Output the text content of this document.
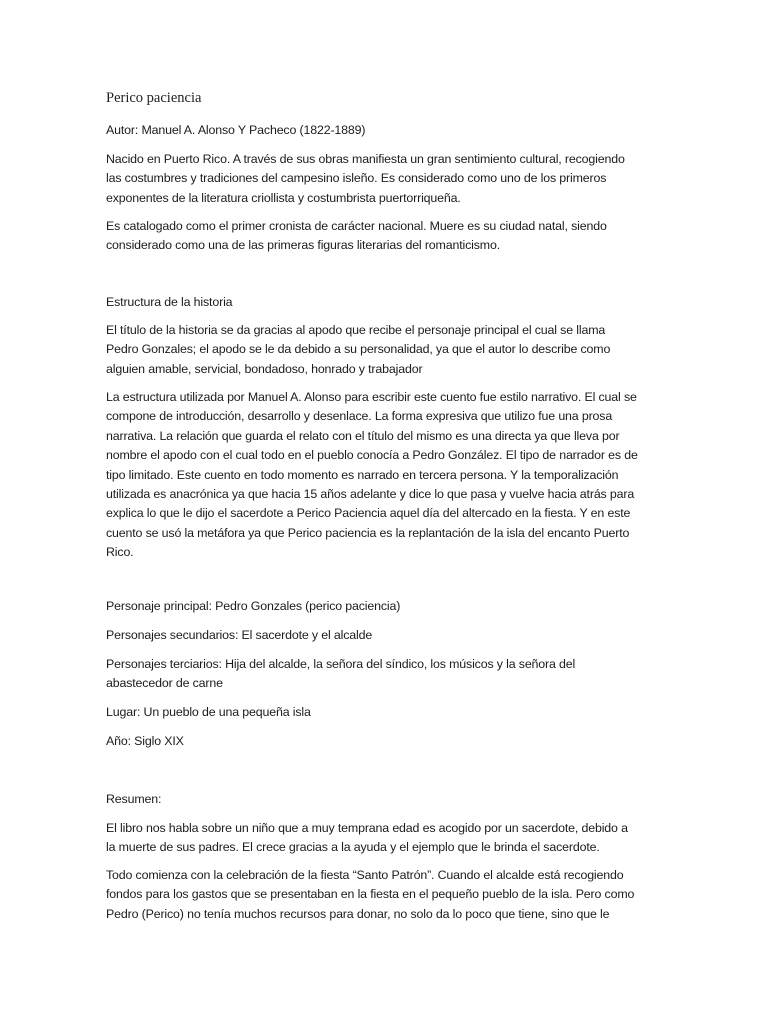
Perico paciencia
Autor: Manuel A. Alonso Y Pacheco (1822-1889)
Nacido en Puerto Rico. A través de sus obras manifiesta un gran sentimiento cultural, recogiendo
las costumbres y tradiciones del campesino isleño. Es considerado como uno de los primeros
exponentes de la literatura criollista y costumbrista puertorriqueña.
Es catalogado como el primer cronista de carácter nacional. Muere es su ciudad natal, siendo
considerado como una de las primeras figuras literarias del romanticismo.
Estructura de la historia
El título de la historia se da gracias al apodo que recibe el personaje principal el cual se llama
Pedro Gonzales; el apodo se le da debido a su personalidad, ya que el autor lo describe como
alguien amable, servicial, bondadoso, honrado y trabajador
La estructura utilizada por Manuel A. Alonso para escribir este cuento fue estilo narrativo. El cual se
compone de introducción, desarrollo y desenlace. La forma expresiva que utilizo fue una prosa
narrativa. La relación que guarda el relato con el título del mismo es una directa ya que lleva por
nombre el apodo con el cual todo en el pueblo conocía a Pedro González. El tipo de narrador es de
tipo limitado. Este cuento en todo momento es narrado en tercera persona. Y la temporalización
utilizada es anacrónica ya que hacia 15 años adelante y dice lo que pasa y vuelve hacia atrás para
explica lo que le dijo el sacerdote a Perico Paciencia aquel día del altercado en la fiesta. Y en este
cuento se usó la metáfora ya que Perico paciencia es la replantación de la isla del encanto Puerto
Rico.
Personaje principal: Pedro Gonzales (perico paciencia)
Personajes secundarios: El sacerdote y el alcalde
Personajes terciarios: Hija del alcalde, la señora del síndico, los músicos y la señora del
abastecedor de carne
Lugar: Un pueblo de una pequeña isla
Año: Siglo XIX
Resumen:
El libro nos habla sobre un niño que a muy temprana edad es acogido por un sacerdote, debido a
la muerte de sus padres. El crece gracias a la ayuda y el ejemplo que le brinda el sacerdote.
Todo comienza con la celebración de la fiesta “Santo Patrón”. Cuando el alcalde está recogiendo
fondos para los gastos que se presentaban en la fiesta en el pequeño pueblo de la isla. Pero como
Pedro (Perico) no tenía muchos recursos para donar, no solo da lo poco que tiene, sino que le
